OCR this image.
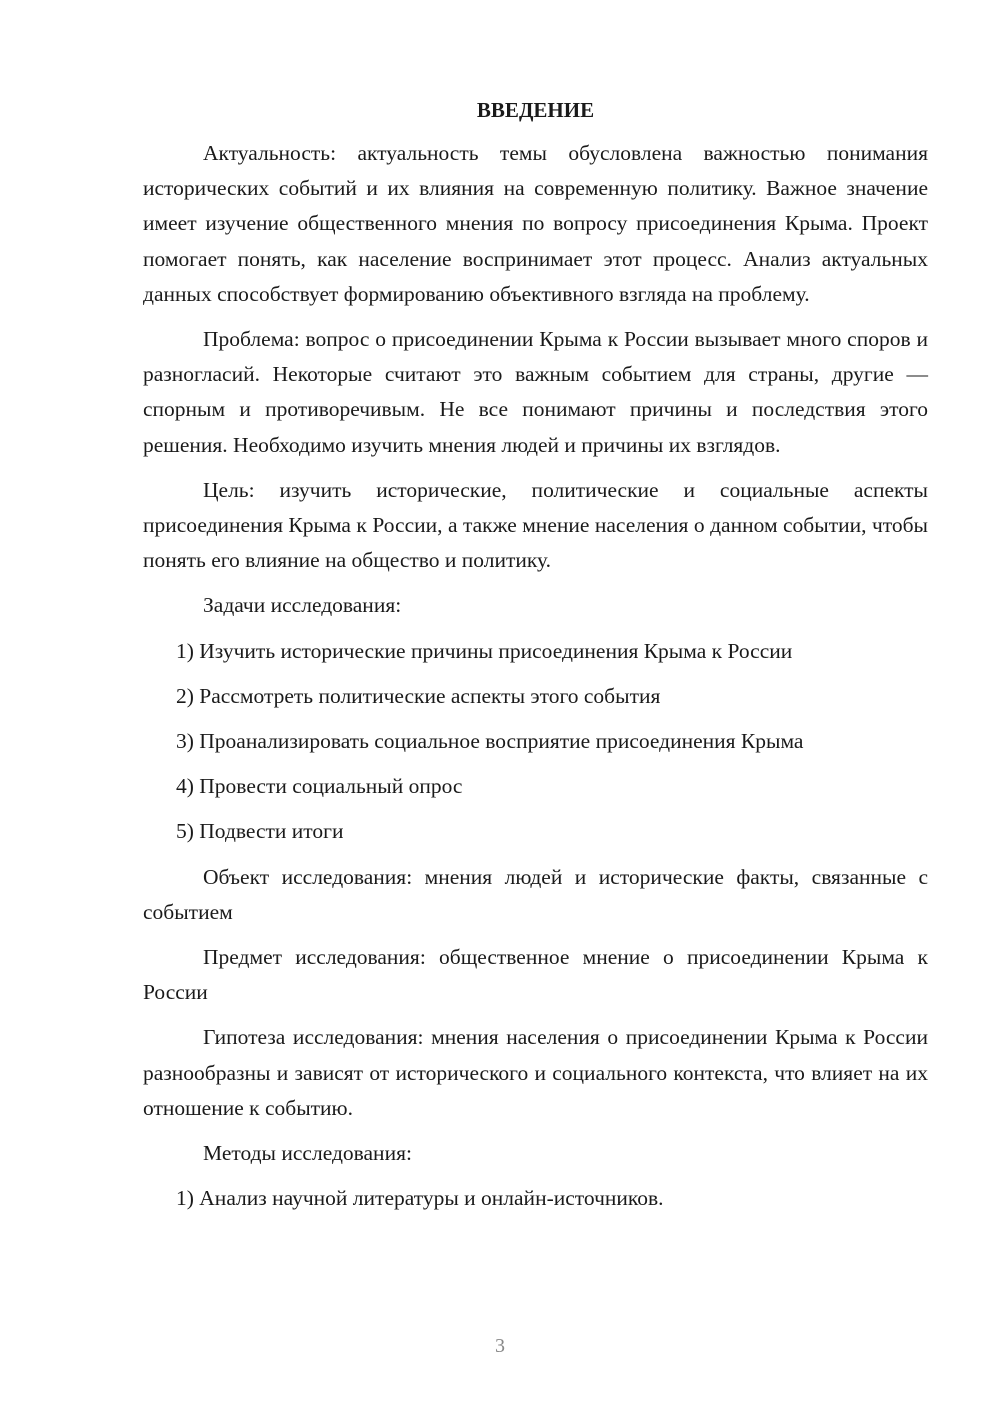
ВВЕДЕНИЕ

Актуальность: актуальность темы обусловлена важностью понимания исторических событий и их влияния на современную политику. Важное значение имеет изучение общественного мнения по вопросу присоединения Крыма. Проект помогает понять, как население воспринимает этот процесс. Анализ актуальных данных способствует формированию объективного взгляда на проблему.

Проблема: вопрос о присоединении Крыма к России вызывает много споров и разногласий. Некоторые считают это важным событием для страны, другие — спорным и противоречивым. Не все понимают причины и последствия этого решения. Необходимо изучить мнения людей и причины их взглядов.

Цель: изучить исторические, политические и социальные аспекты присоединения Крыма к России, а также мнение населения о данном событии, чтобы понять его влияние на общество и политику.

Задачи исследования:

1) Изучить исторические причины присоединения Крыма к России
2) Рассмотреть политические аспекты этого события
3) Проанализировать социальное восприятие присоединения Крыма
4) Провести социальный опрос
5) Подвести итоги

Объект исследования: мнения людей и исторические факты, связанные с событием

Предмет исследования: общественное мнение о присоединении Крыма к России

Гипотеза исследования: мнения населения о присоединении Крыма к России разнообразны и зависят от исторического и социального контекста, что влияет на их отношение к событию.

Методы исследования:

1) Анализ научной литературы и онлайн-источников.
3
